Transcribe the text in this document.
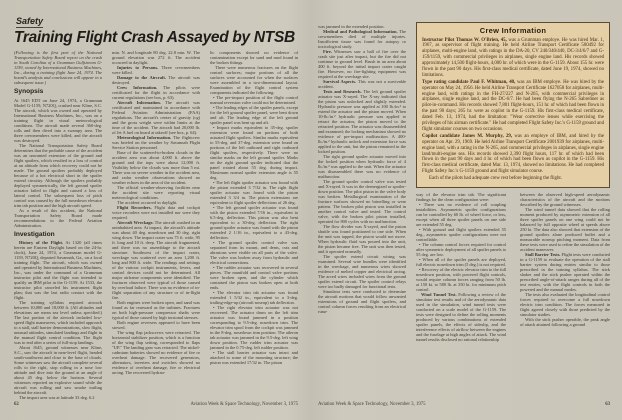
Safety
Training Flight Crash Assayed by NTSB
(Following is the first part of the National Transportation Safety Board report on the crash in South Carolina of a Grumman Gulfstream G-1159, owned by International Business Machines, Inc., during a training flight June 24, 1974. The board's analysis and conclusions will appear in a subsequent issue.)
Synopsis
At 1645 EDT on June 24, 1974, a Grumman Model G-1159, N720Q, crashed near Kline, S.C. The aircraft, which was owned and operated by International Business Machines, Inc., was on a training flight in visual meteorological conditions. The aircraft made several 360-deg. rolls and then dived into a swampy area. The three crewmembers were killed, and the aircraft was destroyed.
The National Transportation Safety Board determines that the probable cause of the accident was an unwanted extension of the ground and flight spoilers, which resulted in a loss of control at an altitude from which recovery could not be made. The ground spoilers probably deployed because of a hot electrical short in the spoiler extend circuitry. Although the spoilers probably deployed symmetrically, the left ground spoiler actuator failed in flight and caused a loss of lateral control. The subsequent loss of pitch control was caused by the full nosedown elevator trim tab position and the high aircraft speed.
As a result of this accident, the National Transportation Safety Board made recommendations to the Federal Aviation Administration.
Investigation
History of the Flight. At 1320 (all times herein are Eastern Daylight based on the 24-hr. clock), June 24, 1974, a Grumman model G-1159, N720Q, departed Savannah, Ga., on a local training flight. The aircraft, which was owned and operated by International Business Machines, Inc., was under the command of a Grumman instructor pilot and the flight was intended to qualify an IBM pilot in the G-1159. At 1533, the instructor pilot canceled his instrument flight plan; that was the last radio contact with the flight.
The training syllabus required airwork between 10,000 and 18,000 ft. (All altitudes and elevations are mean sea level unless specified.) The last portion of the airwork included low-speed flight maneuvers, which included approach to a stall, stall barrier demonstrations, slow flight, unusual attitudes, simulated landings and flight in the manual flight control condition. The flight was to end after a series of full-stop landings.
About 1645, ground witnesses near Kline, S.C., saw the aircraft in near-level flight, headed south-southwest and close to the base of clouds. Some witnesses saw the aircraft complete several rolls to the right, stop rolling in a nose low attitude and dive into the ground at an angle of about 45 deg. below the horizon. Several witnesses reported an explosive sound while the aircraft was rolling and saw smoke trailing behind the aircraft.
The impact area was at latitude 33 deg. 6.2
min. N. and longitude 80 deg. 22.8 min. W. The ground elevation was 272 ft. The accident occurred in daylight.
Injuries to Persons. Three crewmembers were killed.
Damage to the Aircraft. The aircraft was destroyed.
Crew Information. The pilots were certificated for the flight in accordance with current regulations (see box, p. 63).
Aircraft Information. The aircraft was certificated and maintained in accordance with Federal Aviation Administration (FAA) regulations. The aircraft's center of gravity (cg) and the gross weight were within limits at the time of the accident. The aircraft had 20,000 lb. of Jet A fuel on board at takeoff (see box, p. 64).
Meteorological Information. The flightcrew was briefed on the weather by Savannah Flight Service Station personnel.
Base of the scattered-to-broken clouds in the accident area was about 4,000 ft. above the ground and the tops were about 12,000 ft. Visibility below the clouds was more than 5 mi. There was no severe weather in the accident area, and radar weather observations showed no weather echoes in the area of the accident.
The official weather-observing facilities near the accident site were reporting visual meteorological conditions.
The accident occurred in daylight.
Flight Recorders. Flight data and cockpit voice recorders were not installed nor were they required.
Aircraft Wreckage. The aircraft crashed in an uninhabited area. At impact, the aircraft's attitude was about 40 deg. nosedown and 30 deg. right wing down. The impact crater was 75 ft. wide, 95 ft. long and 10 ft. deep. The aircraft fragmented, and there was no assemblage to the aircraft structure. Southwest of the impact crater, wreckage was scattered over an area 1,200 ft. long and 800 ft. wide. The readings and settings of the various cockpit instruments, levers, and control devices could not be determined. All major airframe components were identified. The fractures observed were typical of those caused by overload failure. There was no evidence of in-flight separation of any structure or of in-flight fire.
Both engines were broken open, and sand was found as far rearward as the turbines. Fractures on both high-pressure compressor shafts were typical of those caused by high torsional stresses.
Both engine reversers appeared to have been stowed.
The wing flap jackscrews were retracted. The horizontal stabilizer position, which is a function of the wing flap setting, corresponded to flaps "UP." The landing gear was retracted. The nickel-cadmium batteries showed no evidence of fire or overheat damage. The recovered generators, alternators, inverters and switches showed no evidence of overheat damage, fire or electrical arcing. The recovered hydrau-
lic components showed no evidence of contamination except for sand and mud found in the broken fittings.
There were numerous fractures on the flight control surfaces; major portions of all the surfaces were accounted for when the surfaces were assembled in a two-dimensional layout. Examination of the flight control system components indicated the following:
• The pre-impact position of the flight control manual reversion valve could not be determined.
• The leading edges of the spoiler panels, except for the left ground spoiler panel, were bent down and aft. The leading edge of the left ground spoiler panel was bent up and aft.
• Impact marks equivalent to 35-deg. spoiler extension were found on portions of both actuated flight spoilers. Similar marks equivalent to 55-deg. and 37-deg. extension were found on portions of the left outboard and right outboard flight spoilers, respectively. There were no similar marks on the left ground spoiler. Marks on the right ground spoiler indicated that the panel rotated about 55 deg. during impact. Maximum normal spoiler extension angle is 55 deg.
• The left flight spoiler actuator was found with the piston extended 3 7/32 in. The right flight spoiler actuator was found with the piston extended 3 3/4 in. The piston extensions are equivalent to flight spoiler deflections of 26 deg.
• The left ground spoiler actuator was found with the piston extended 7/16 in., equivalent to 6.5-deg. deflection. This piston was also bent equivalent to a 30-deg. deflection. The right ground spoiler actuator was found with the piston extended 2 1/16 in., equivalent to a 43-deg. deflection.
• The ground spoiler control valve was separated from its mount, and dents, cuts and abrasions were visible on all parts of the valve. The valve was broken away from hydraulic and electrical connections.
• The rudder actuator was recovered in several pieces. The manifold and control valve portions were broken open, and the cylinder which contained the piston was broken open at both ends.
• The elevator trim tab actuator was found extended 1 5/32 in., equivalent to a 3-deg. trailing-edge-up (aircraft noseup) tab deflection.
• The right elevator trim actuator was not recovered. The actuator drum on the left trim actuator was found jammed in a position corresponding to 9.5-deg. nosedown trim. The elevator trim spool from the cockpit was jammed in the 8-deg. nosedown trim position. The aileron tab actuator was jammed in the 9.5-deg. left wing down position. The rudder trim actuator was jammed in the 0.75-deg. left rudder position.
• The stall barrier actuator was intact and attached to some of the mounting structure; the piston was extended 17/32 in. The piston
62	Aviation Week & Space Technology, November 3, 1975
Crew Information
Instructor Pilot Thomas W. O'Brien, 45, was a Grumman employe. He was hired Mar. 1, 1967, as supervisor of flight training. He held Airline Transport Certificate 500492 for airplanes, multi-engine land, with ratings in the DA-20, CV 240/340/440, DC-3/4/6/7 and G-159/1159, with commercial privileges in airplanes, single engine land. His records showed approximately 14,500 flight-hours, 4,000 hr. of which were in the G-1159. About 155 hr. were flown in the past 90 days. His first-class medical certificate, dated June 19, 1974, showed no limitations.
Type rating candidate Paul F. Whitman, 40, was an IBM employe. He was hired by the operator on May 24, 1956. He held Airline Transport Certificate 1627058 for airplanes, multi-engine land, with ratings in the FH-27/227 and N-265, with commercial privileges in airplanes, single engine land, and the DC-6/7. He had been flying the N-265 Sabreliner as pilot-in-command. His records showed 7,801 flight-hours, 151 hr. of which had been flown in the past 90 days; 265 hr. were as copilot in the G-1159. His first-class medical certificate, dated Feb. 13, 1974, had the limitation: "Wear corrective lenses while exercising the privileges of his airman certificate." He had completed Flight Safety Inc.'s G-1159 ground and flight simulator courses on two occasions.
Copilot candidate James M. Murphy, 29, was an employe of IBM, and hired by the operator on Apr. 29, 1969. He held Airline Transport Certificate 2001939 for airplanes, multi-engine land, with a rating in the N-265, and commercial privileges in airplanes, single engine land/multi-engine sea. His records showed 2,390 flight hours, 117 hr. of which had been flown in the past 90 days and 4 hr. of which had been flown as copilot in the G-1159. His first-class medical certificate, dated Mar. 13, 1974, showed no limitations. He had completed Flight Safety Inc.'s G-1159 ground and flight simulator course.
Each of the pilots had adequate crew rest before beginning the flight.
was jammed in the extended position.
Medical and Pathological Information. The crewmembers died of multiple injuries. Insufficient tissue was found for autopsy or toxicological study.
Fire. Witnesses saw a ball of fire over the crash site just after impact, but the fire did not continue to ground level. Brush in an area about 400 ft. beyond the initial impact crater caught fire. However, no fire-fighting equipment was required at the wreckage site.
Survival Aspects. This was not a survivable accident.
Tests and Research. The left ground spoiler actuator was X-rayed. The X-ray indicated that the piston was unlocked and slightly extended. Hydraulic pressure was applied at 100 lb./in.² to extend the actuator and the piston moved. When 10-lb./in.² hydraulic pressure was applied to retract the actuator, the piston moved to the retracted position. The actuator was disassembled and examined; the locking mechanism showed no evidence of pre-impact malfunction. A 400-lb./in.² hydraulic unlock and extension force was applied to the unit, but the piston remained in the locked position.
The right ground spoiler actuator moved into the locked position when hydraulic force of 4 lb./in.² was applied to the unit. When the actuator was disassembled there was no evidence of malfunction.
The ground spoiler control valve was tested and X-rayed. It was in the deenergized or spoiler-down position. The pilot piston in the valve body was broken. Metallurgical examination of the fracture surfaces showed no brinelling or wear pattern. The broken pilot piston was installed in another control valve and tested. The control valve, with the broken pilot piston installed, operated for 800 cycles with no malfunction.
The flow divider was X-rayed, and the piston shuttle was found positioned to one side. When the unit was tapped, the piston would not move. When hydraulic fluid was poured into the unit, the piston became free. The unit was then tested, and it operated normally.
The spoiler extend circuit wiring was examined. Several wire bundles were identified in the wreckage, and numerous wires showed evidence of melted copper and electrical arcing. The arced wires included wires from the ground spoiler extend circuit. The spoiler control relays were too badly damaged for functional tests.
Simulator tests were conducted to determine the aircraft motions that would follow unwanted extensions of ground and flight spoilers, and control column forces resulting from an electrical runa-
way of the elevator trim tab. The significant findings for the clean configuration were:
• There was no evidence of roll coupling instabilities. Asymmetric spoiler configurations can be controlled by 60 lb. of wheel force, or less, except when all three spoiler panels on one side are extended 55 deg.
• With ground and flight spoilers extended 55 deg., asymmetric spoiler configurations were not controllable.
• The column control forces required for control after symmetric deployment of all spoiler panels to 55 deg. are low.
• When all of the spoiler panels are deployed, full electric nosedown trim (5 deg.) is not required.
• Recovery of the electric elevator trim to the full nosedown position, with powered flight controls, would require column forces ranging from 50 lb. at 150 kt. to 580 lb. at 350 kt. for minimum pitch control.
Wind Tunnel Test. Following a review of the simulator test results and of the aerodynamic data used in the simulation, wind tunnel tests were conducted on a scale model of the G-1159. The tests were designed to define the rolling moments produced by various combinations of extended spoiler panels, the effects of sideslip, and the interference effects of airflow between the engines and the fuselage at high angles of attack. The wind tunnel results disclosed no rational relationship
between the observed high-speed aerodynamic characteristics of the aircraft and the motions described by the ground witnesses.
The wind tunnel data showed that the rolling moment produced by asymmetric extension of all three spoiler panels on one wing could not be balanced by full opposite wheel at speeds above 250 kt. The data also showed that extension of the ground spoilers alone produced buffet and a measurable noseup pitching moment. Data from these tests were used to refine the simulation of the accident maneuver.
Stall Barrier Tests. Flight tests were conducted in a G-1159 to evaluate the operation of the stall barrier system during entries similar to those prescribed in the training syllabus. The stick shaker and the stick pusher operated within the prescribed angle-of-attack ranges during all of the test entries, with the flight controls in both the powered and the manual modes.
The tests also evaluated the longitudinal control forces required to overcome a full nosedown electric trim condition. The forces measured in flight agreed closely with those predicted by the simulator studies.
With the stick pusher operable, the peak angle of attack attained following a ground
Aviation Week & Space Technology, November 3, 1975	63
